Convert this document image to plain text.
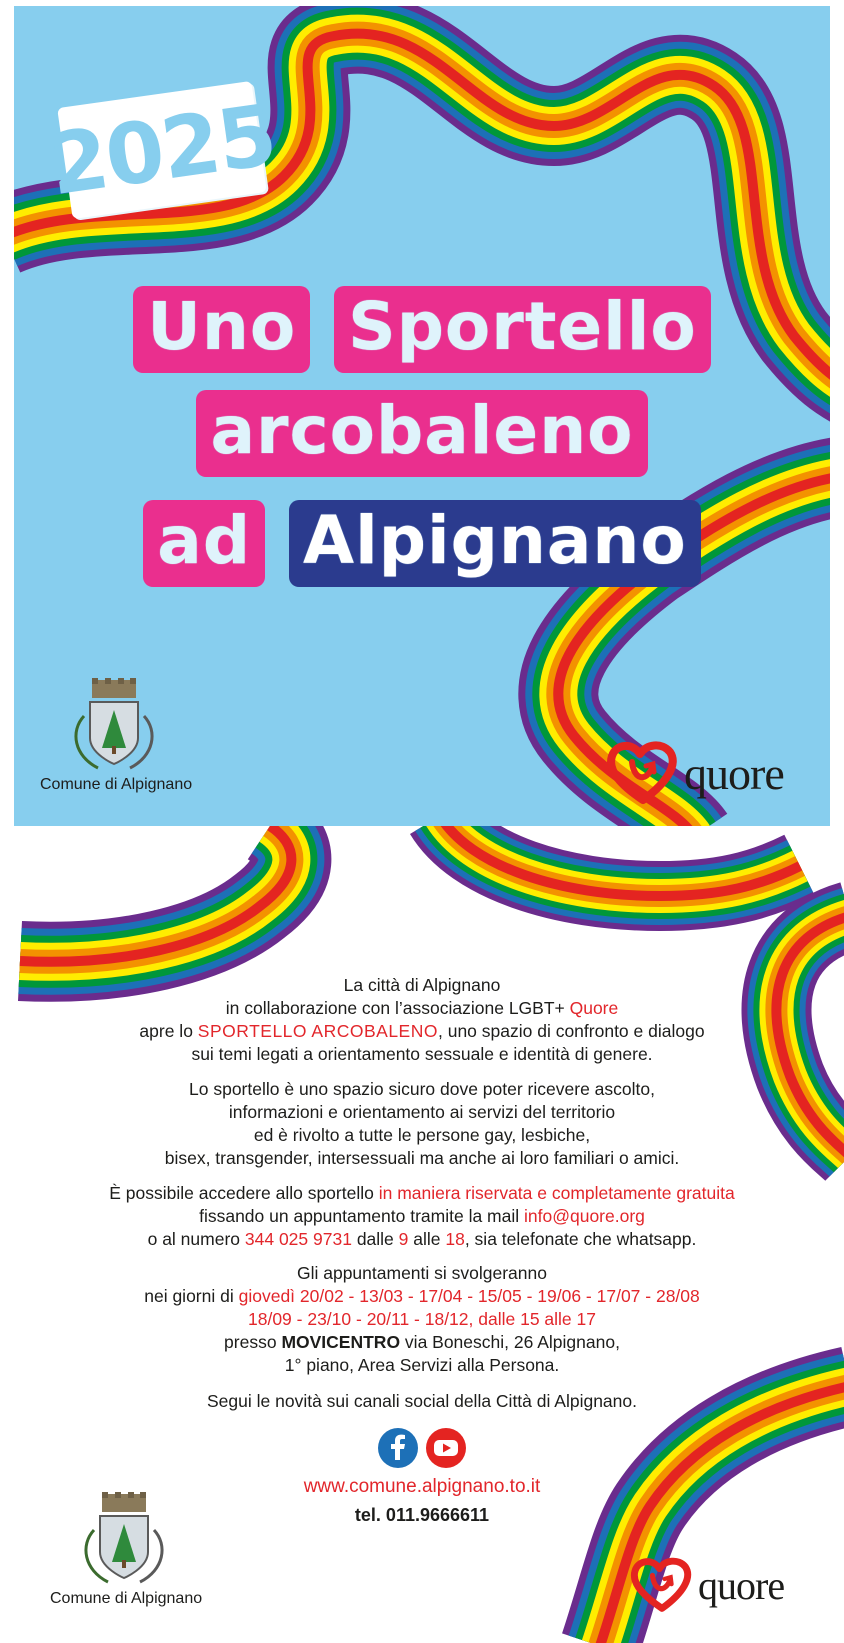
2025
Uno Sportello
arcobaleno
ad Alpignano
Comune di Alpignano	quore

La città di Alpignano

in collaborazione con l’associazione LGBT+ Quore

apre lo SPORTELLO ARCOBALENO, uno spazio di confronto e dialogo

sui temi legati a orientamento sessuale e identità di genere.

Lo sportello è uno spazio sicuro dove poter ricevere ascolto,

informazioni e orientamento ai servizi del territorio

ed è rivolto a tutte le persone gay, lesbiche,

bisex, transgender, intersessuali ma anche ai loro familiari o amici.

È possibile accedere allo sportello in maniera riservata e completamente gratuita

fissando un appuntamento tramite la mail info@quore.org

o al numero 344 025 9731 dalle 9 alle 18, sia telefonate che whatsapp.

Gli appuntamenti si svolgeranno

nei giorni di giovedì 20/02 - 13/03 - 17/04 - 15/05 - 19/06 - 17/07 - 28/08

18/09 - 23/10 - 20/11 - 18/12, dalle 15 alle 17

presso MOVICENTRO via Boneschi, 26 Alpignano,

1° piano, Area Servizi alla Persona.

Segui le novità sui canali social della Città di Alpignano.

www.comune.alpignano.to.it
tel. 011.9666611
Comune di Alpignano	quore
